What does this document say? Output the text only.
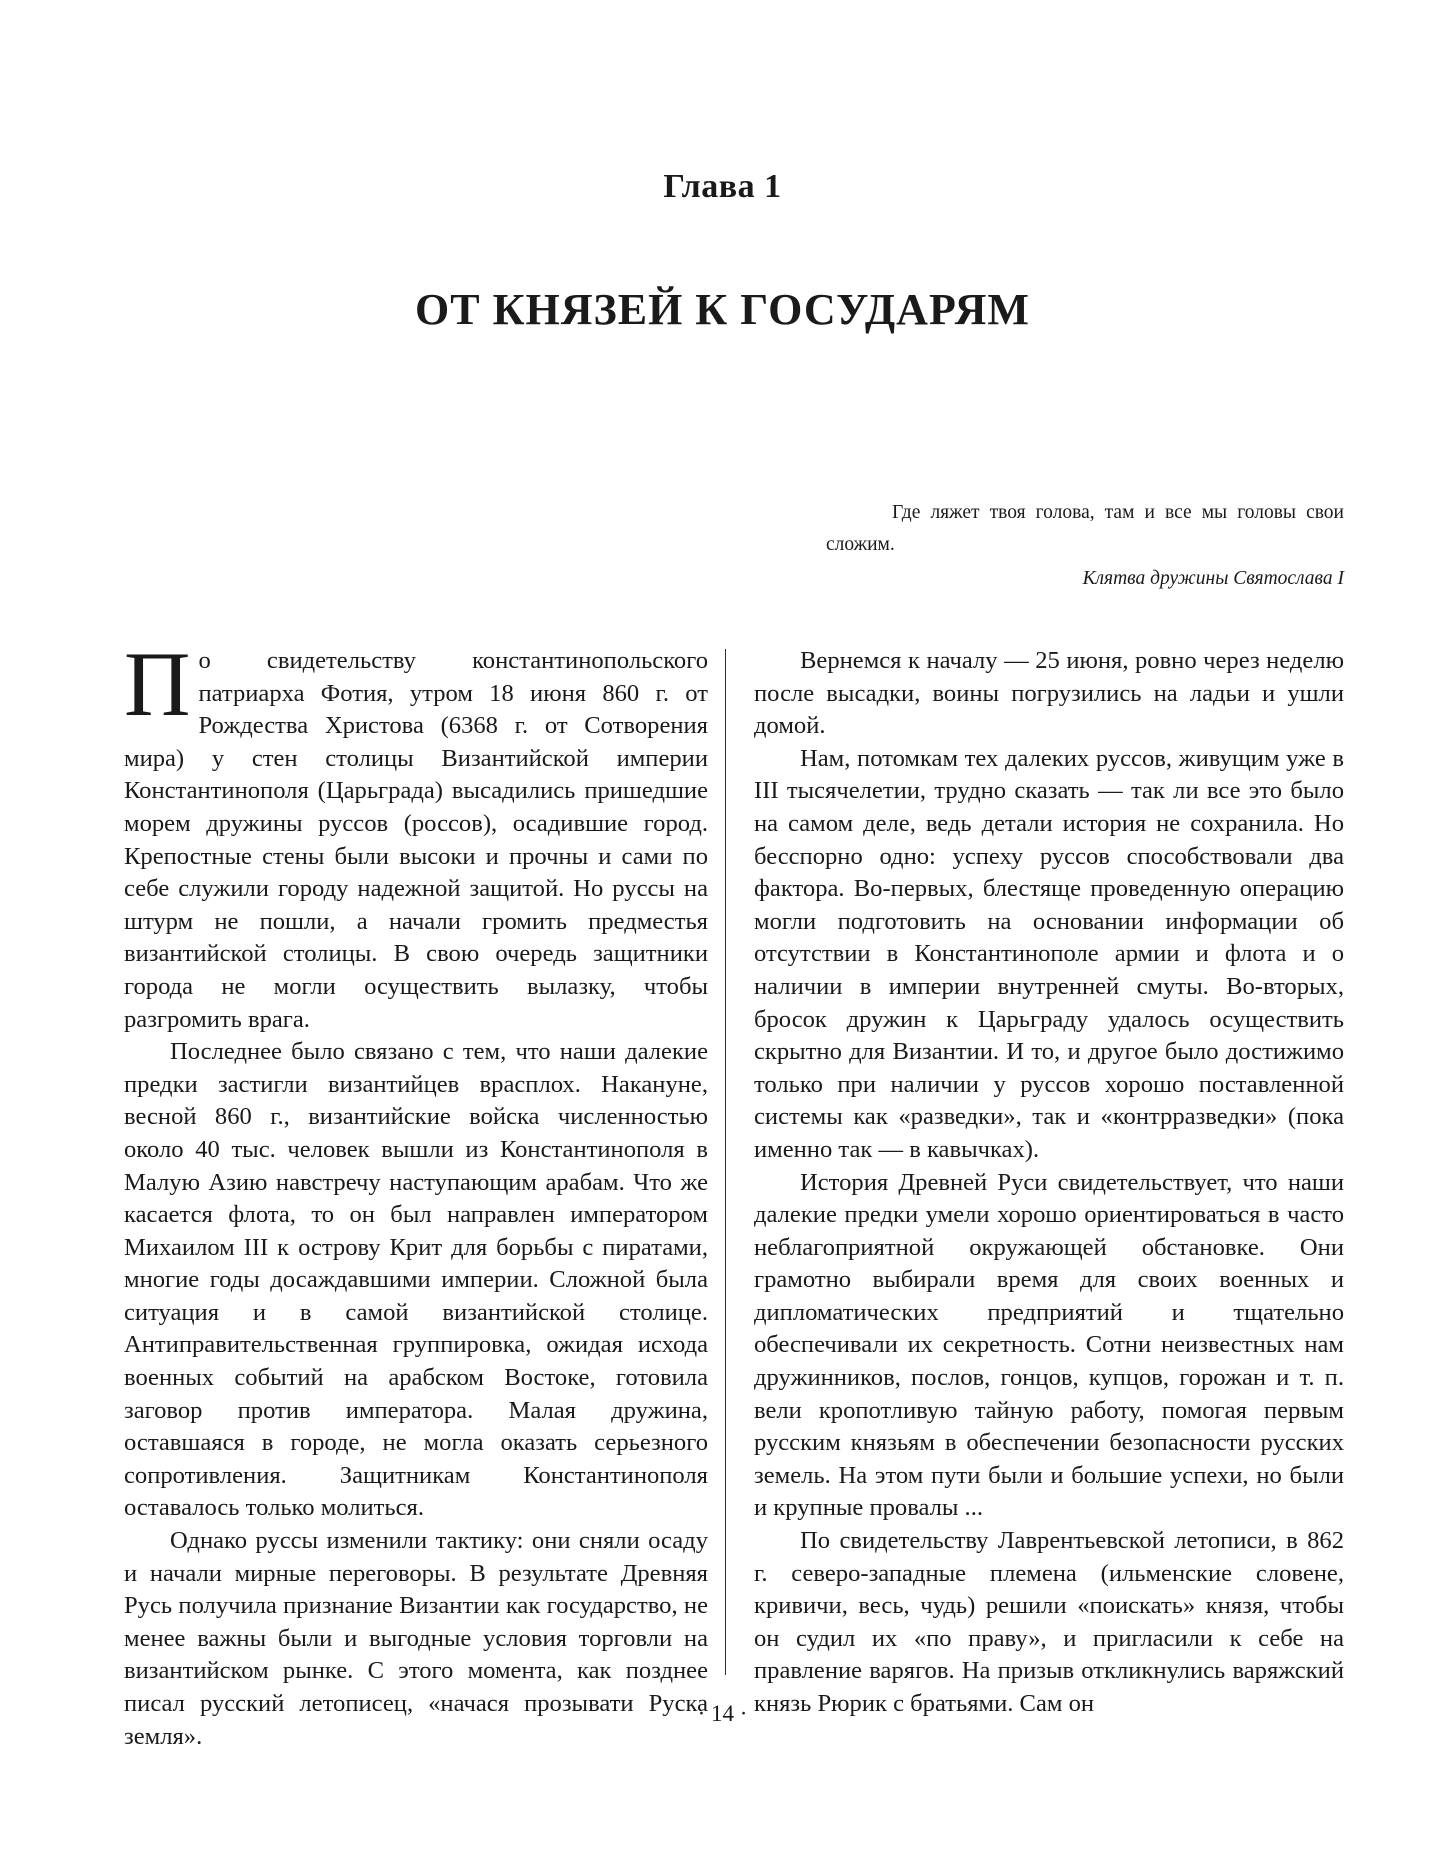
Глава 1
ОТ КНЯЗЕЙ К ГОСУДАРЯМ

Где ляжет твоя голова, там и все мы головы свои сложим.

Клятва дружины Святослава I

По свидетельству константинопольского патриарха Фотия, утром 18 июня 860 г. от Рождества Христова (6368 г. от Сотворения мира) у стен столицы Византийской империи Константинополя (Царьграда) высадились пришедшие морем дружины руссов (россов), осадившие город. Крепостные стены были высоки и прочны и сами по себе служили городу надежной защитой. Но руссы на штурм не пошли, а начали громить предместья византийской столицы. В свою очередь защитники города не могли осуществить вылазку, чтобы разгромить врага.

Последнее было связано с тем, что наши далекие предки застигли византийцев врасплох. Накануне, весной 860 г., византийские войска численностью около 40 тыс. человек вышли из Константинополя в Малую Азию навстречу наступающим арабам. Что же касается флота, то он был направлен императором Михаилом III к острову Крит для борьбы с пиратами, многие годы досаждавшими империи. Сложной была ситуация и в самой византийской столице. Антиправительственная группировка, ожидая исхода военных событий на арабском Востоке, готовила заговор против императора. Малая дружина, оставшаяся в городе, не могла оказать серьезного сопротивления. Защитникам Константинополя оставалось только молиться.

Однако руссы изменили тактику: они сняли осаду и начали мирные переговоры. В результате Древняя Русь получила признание Византии как государство, не менее важны были и выгодные условия торговли на византийском рынке. С этого момента, как позднее писал русский летописец, «начася прозывати Руска земля».

Вернемся к началу — 25 июня, ровно через неделю после высадки, воины погрузились на ладьи и ушли домой.

Нам, потомкам тех далеких руссов, живущим уже в III тысячелетии, трудно сказать — так ли все это было на самом деле, ведь детали история не сохранила. Но бесспорно одно: успеху руссов способствовали два фактора. Во-первых, блестяще проведенную операцию могли подготовить на основании информации об отсутствии в Константинополе армии и флота и о наличии в империи внутренней смуты. Во-вторых, бросок дружин к Царьграду удалось осуществить скрытно для Византии. И то, и другое было достижимо только при наличии у руссов хорошо поставленной системы как «разведки», так и «контрразведки» (пока именно так — в кавычках).

История Древней Руси свидетельствует, что наши далекие предки умели хорошо ориентироваться в часто неблагоприятной окружающей обстановке. Они грамотно выбирали время для своих военных и дипломатических предприятий и тщательно обеспечивали их секретность. Сотни неизвестных нам дружинников, послов, гонцов, купцов, горожан и т. п. вели кропотливую тайную работу, помогая первым русским князьям в обеспечении безопасности русских земель. На этом пути были и большие успехи, но были и крупные провалы ...

По свидетельству Лаврентьевской летописи, в 862 г. северо-западные племена (ильменские словене, кривичи, весь, чудь) решили «поискать» князя, чтобы он судил их «по праву», и пригласили к себе на правление варягов. На призыв откликнулись варяжский князь Рюрик с братьями. Сам он

· 14 ·
